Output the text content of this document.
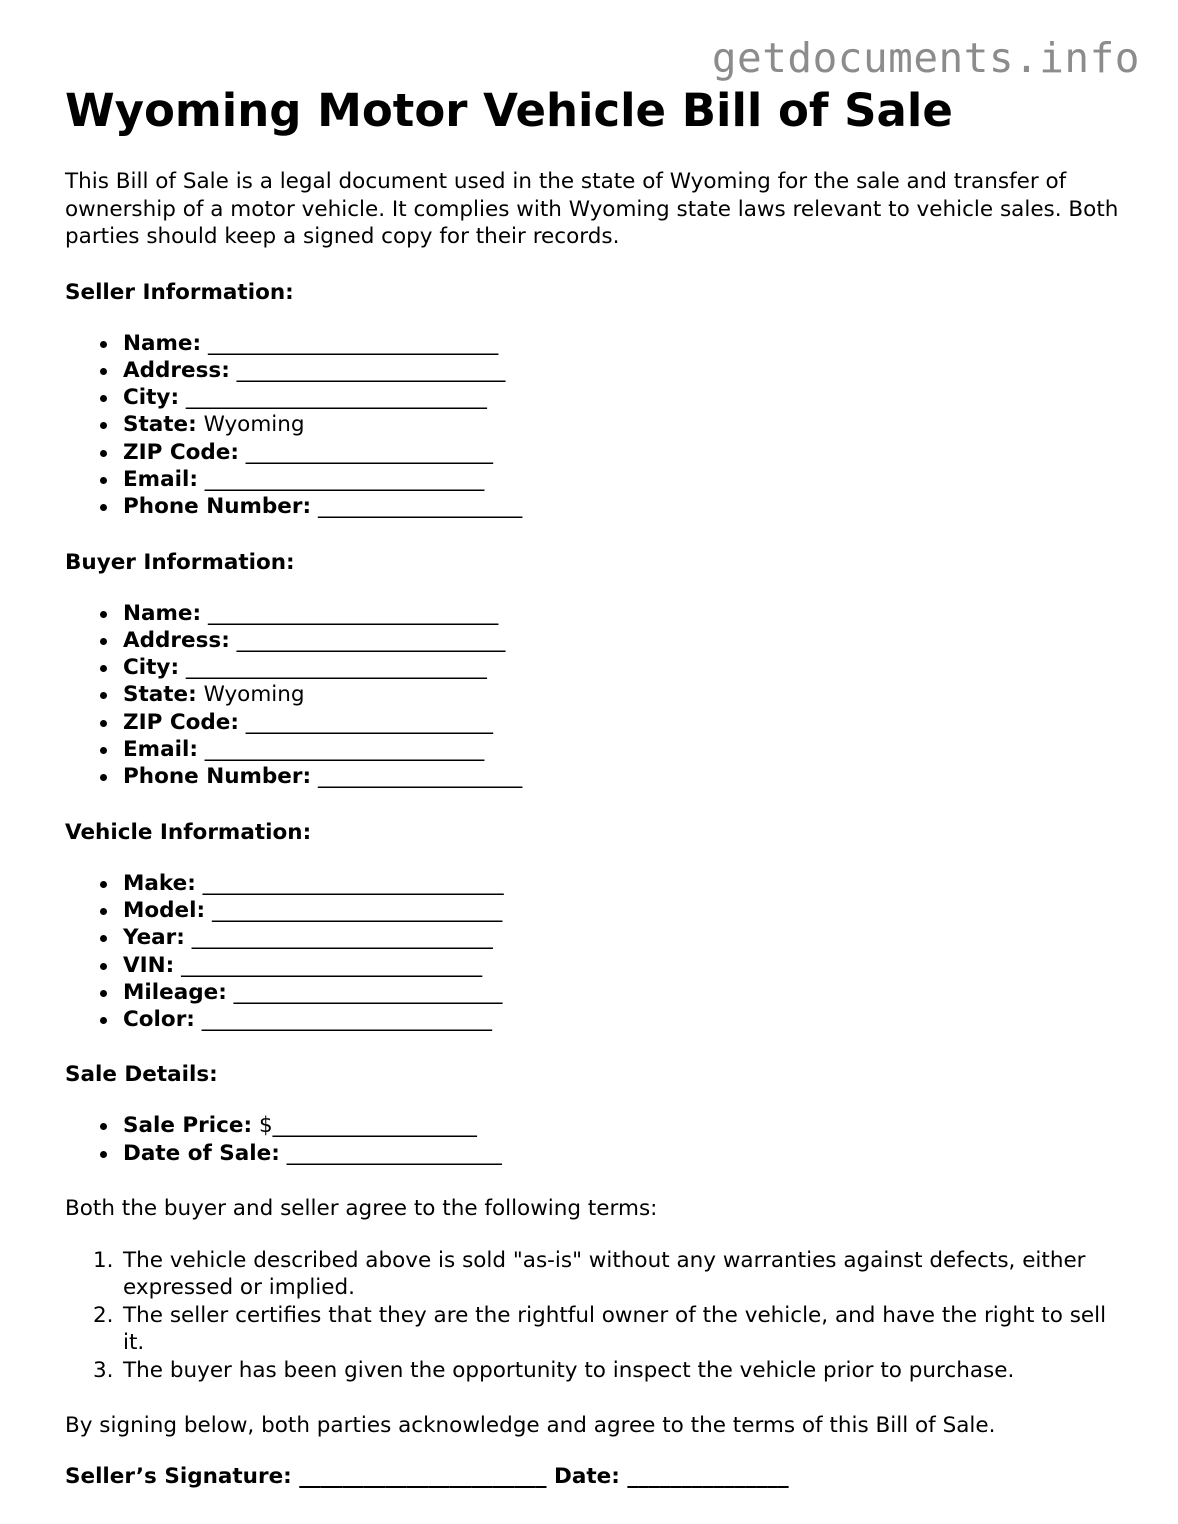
getdocuments.info
Wyoming Motor Vehicle Bill of Sale

This Bill of Sale is a legal document used in the state of Wyoming for the sale and transfer of ownership of a motor vehicle. It complies with Wyoming state laws relevant to vehicle sales. Both parties should keep a signed copy for their records.

Seller Information:
Name: ___________________________
Address: _________________________
City: ____________________________
State: Wyoming
ZIP Code: _______________________
Email: __________________________
Phone Number: ___________________
Buyer Information:
Name: ___________________________
Address: _________________________
City: ____________________________
State: Wyoming
ZIP Code: _______________________
Email: __________________________
Phone Number: ___________________
Vehicle Information:
Make: ____________________________
Model: ___________________________
Year: ____________________________
VIN: ____________________________
Mileage: _________________________
Color: ___________________________
Sale Details:
Sale Price: $___________________
Date of Sale: ____________________

Both the buyer and seller agree to the following terms:

1. The vehicle described above is sold "as-is" without any warranties against defects, either expressed or implied.
2. The seller certifies that they are the rightful owner of the vehicle, and have the right to sell it.
3. The buyer has been given the opportunity to inspect the vehicle prior to purchase.

By signing below, both parties acknowledge and agree to the terms of this Bill of Sale.

Seller’s Signature: _______________________ Date: _______________
